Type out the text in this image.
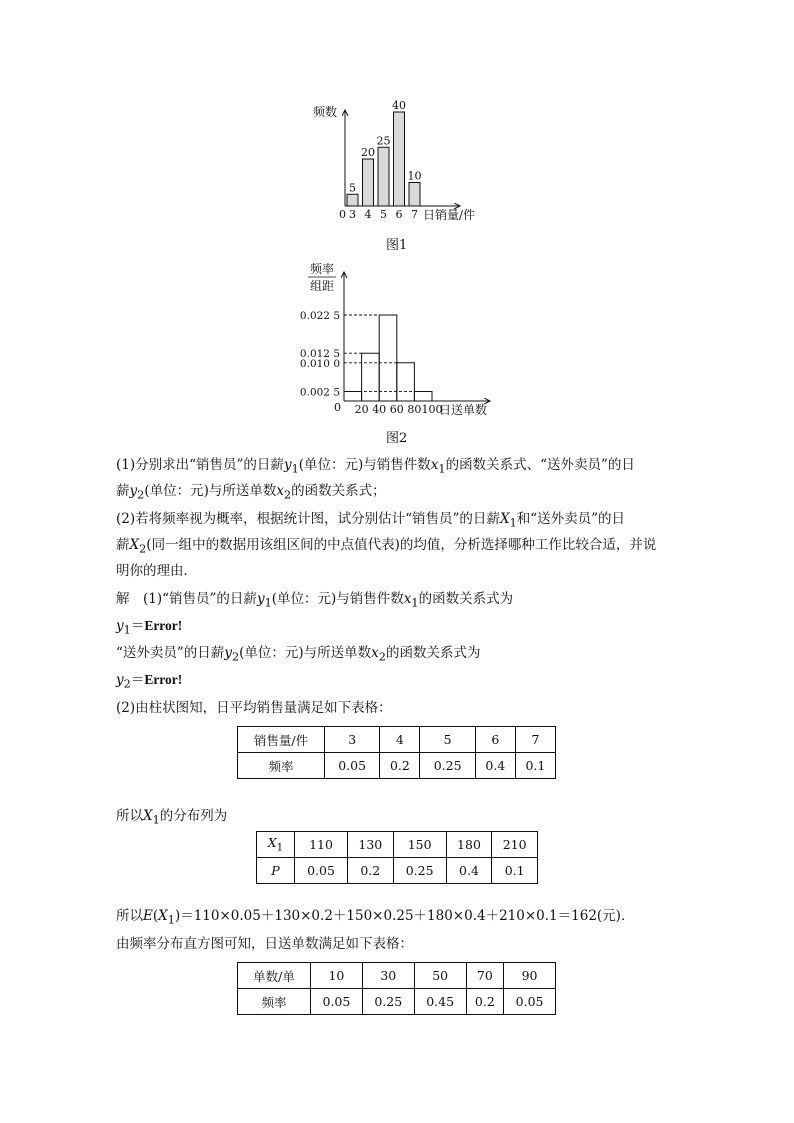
频数
0
5
3
20
4
25
5
40
6
10
7 日销量/件
图1
频率
组距
0
0.022 5
0.012 5
0.010 0
0.002 5
20 40 60 80 100
日送单数
图2
(1)分别求出“销售员”的日薪$y_1$(单位：元)与销售件数$x_1$的函数关系式、“送外卖员”的日
薪$y_2$(单位：元)与所送单数$x_2$的函数关系式；
(2)若将频率视为概率，根据统计图，试分别估计“销售员”的日薪$X_1$和“送外卖员”的日
薪$X_2$(同一组中的数据用该组区间的中点值代表)的均值，分析选择哪种工作比较合适，并说
明你的理由．
解　(1)“销售员”的日薪$y_1$(单位：元)与销售件数$x_1$的函数关系式为
$y_1=Error$!
“送外卖员”的日薪$y_2$(单位：元)与所送单数$x_2$的函数关系式为
$y_2=Error$!
(2)由柱状图知，日平均销售量满足如下表格：
销售量/件	3	4	5	6	7
频率	0.05	0.2	0.25	0.4	0.1
所以$X_1$的分布列为
$X_1$	110	130	150	180	210
P	0.05	0.2	0.25	0.4	0.1
所以$E(X_1)=110\times 0.05+130\times 0.2+150\times 0.25+180\times 0.4+210\times 0.1=162$(元)．
由频率分布直方图可知，日送单数满足如下表格：
单数/单	10	30	50	70	90
频率	0.05	0.25	0.45	0.2	0.05
